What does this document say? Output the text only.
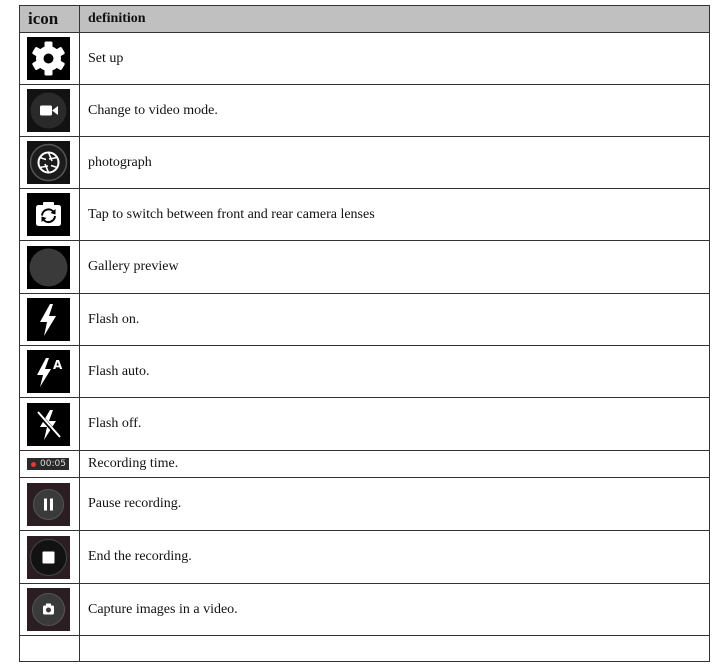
icon	definition

	Set up

	Change to video mode.

	photograph

	Tap to switch between front and rear camera lenses

	Gallery preview

	Flash on.

A	Flash auto.

	Flash off.

00:05	Recording time.

	Pause recording.

	End the recording.

	Capture images in a video.
